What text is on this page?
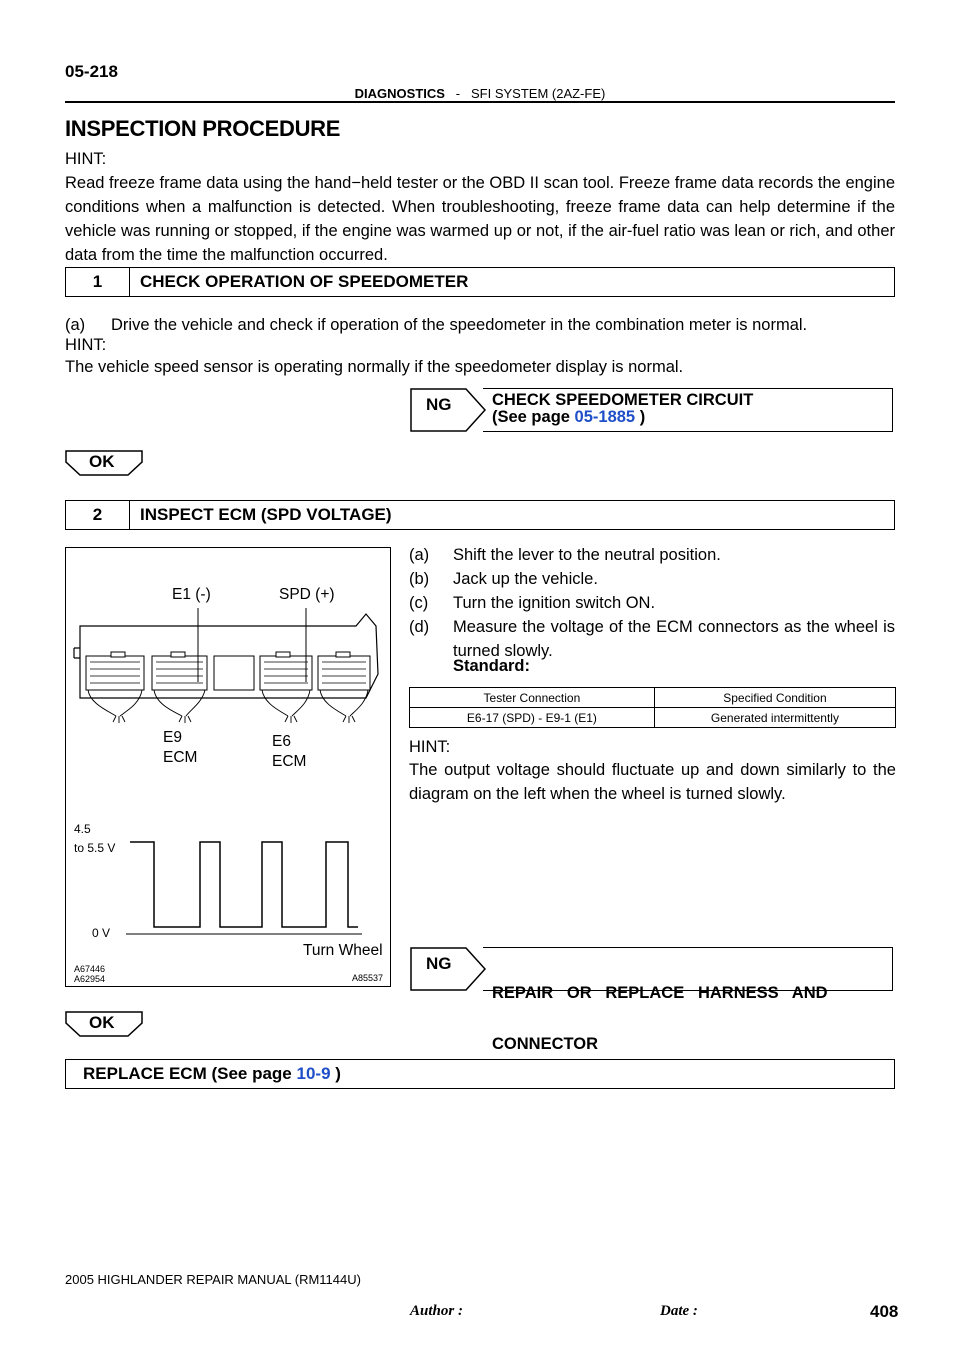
05-218
DIAGNOSTICS - SFI SYSTEM (2AZ-FE)
INSPECTION PROCEDURE
HINT:
Read freeze frame data using the hand−held tester or the OBD II scan tool. Freeze frame data records the engine conditions when a malfunction is detected. When troubleshooting, freeze frame data can help determine if the vehicle was running or stopped, if the engine was warmed up or not, if the air-fuel ratio was lean or rich, and other data from the time the malfunction occurred.
1	CHECK OPERATION OF SPEEDOMETER
(a) Drive the vehicle and check if operation of the speedometer in the combination meter is normal.
HINT:
The vehicle speed sensor is operating normally if the speedometer display is normal.
NG CHECK SPEEDOMETER CIRCUIT
(See page 05-1885 )
OK
2	INSPECT ECM (SPD VOLTAGE)
E1 (-)	SPD (+)
E9
ECM
E6
ECM
4.5
to 5.5 V
0 V
Turn Wheel
A67446
A62954	A85537
(a) Shift the lever to the neutral position.
(b) Jack up the vehicle.
(c) Turn the ignition switch ON.
(d) Measure the voltage of the ECM connectors as the wheel is turned slowly.
Standard:
Tester Connection	Specified Condition
E6-17 (SPD) - E9-1 (E1)	Generated intermittently
HINT:
The output voltage should fluctuate up and down similarly to the diagram on the left when the wheel is turned slowly.
NG

REPAIR   OR   REPLACE   HARNESS   AND

CONNECTOR

OK
REPLACE ECM (See page 10-9 )
2005 HIGHLANDER REPAIR MANUAL (RM1144U)
Author :	Date :	408
